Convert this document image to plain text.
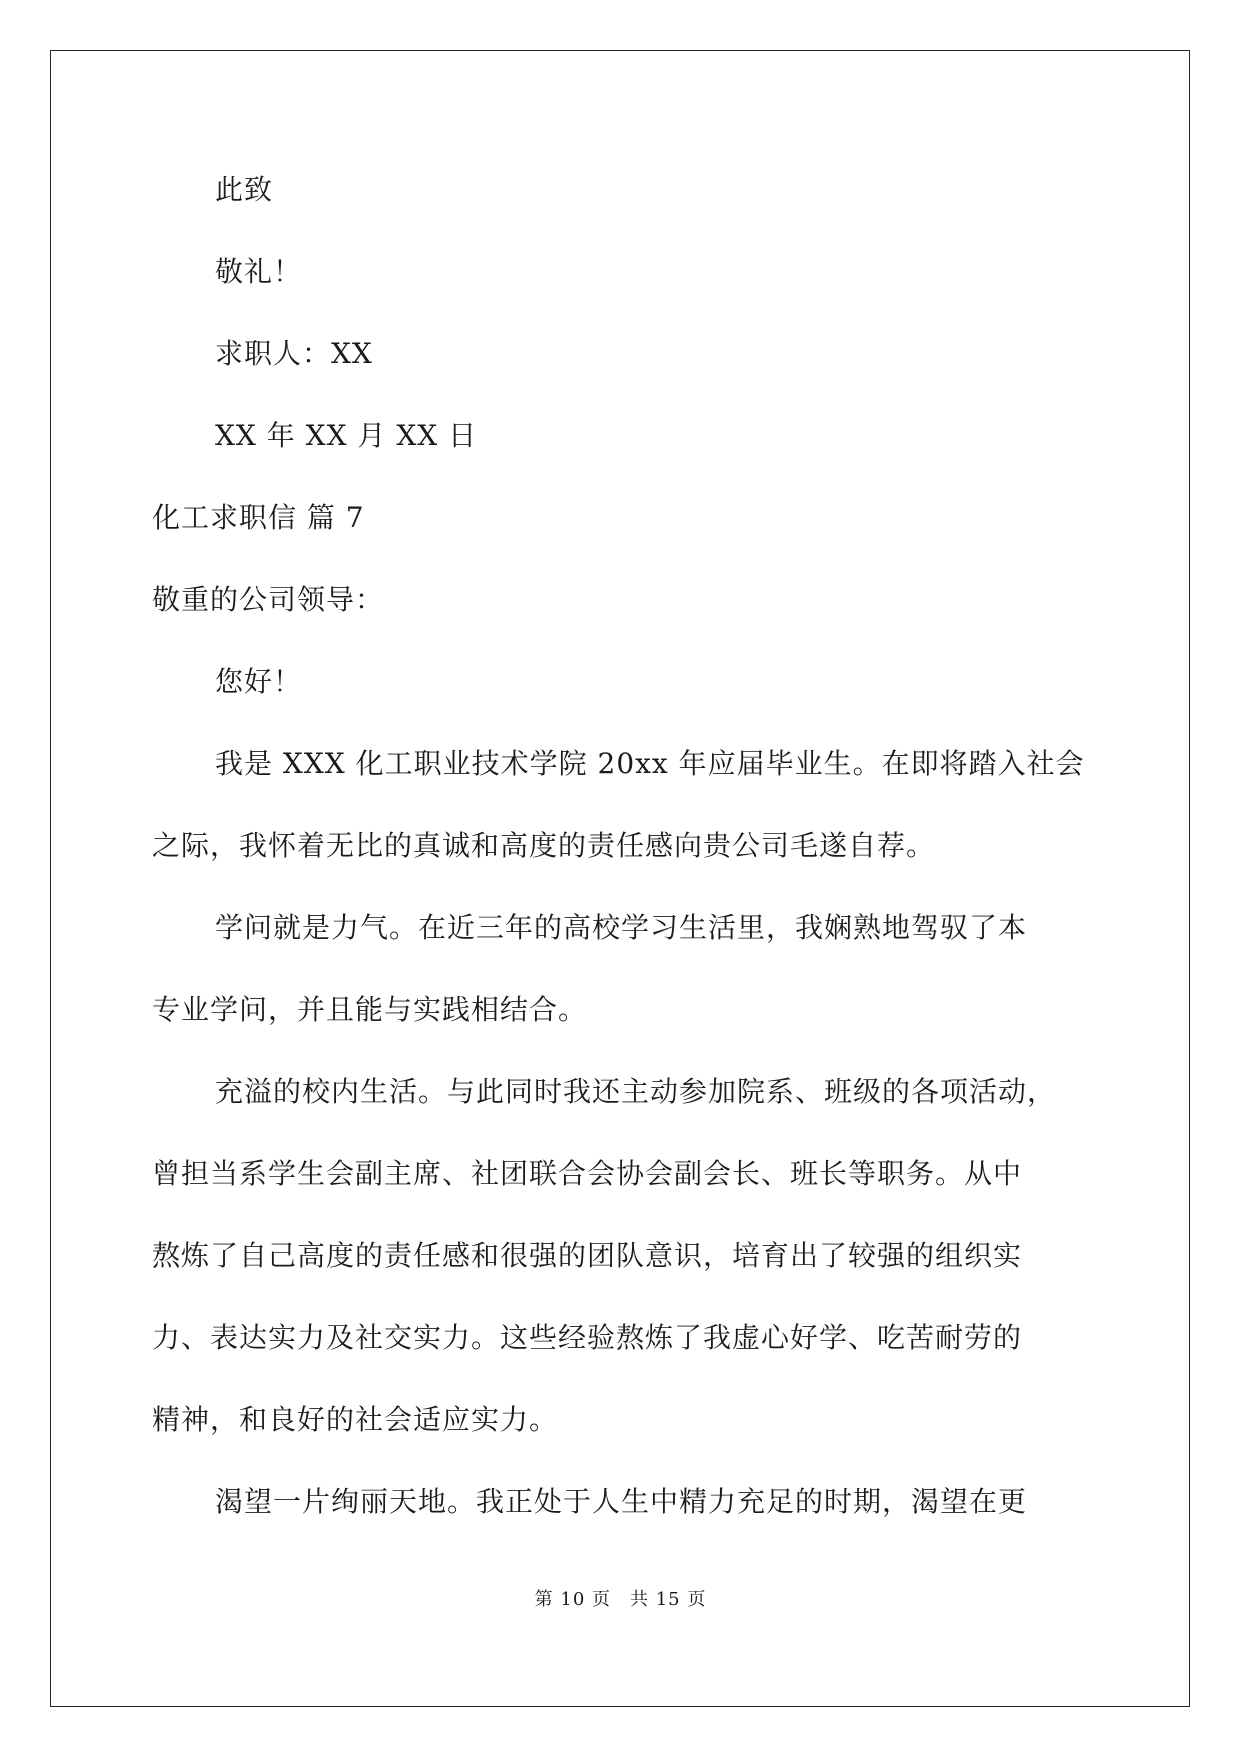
此致
敬礼！
求职人：XX
XX 年 XX 月 XX 日
化工求职信 篇 7
敬重的公司领导：
您好！
我是 XXX 化工职业技术学院 20xx 年应届毕业生。在即将踏入社会
之际，我怀着无比的真诚和高度的责任感向贵公司毛遂自荐。
学问就是力气。在近三年的高校学习生活里，我娴熟地驾驭了本
专业学问，并且能与实践相结合。
充溢的校内生活。与此同时我还主动参加院系、班级的各项活动，
曾担当系学生会副主席、社团联合会协会副会长、班长等职务。从中
熬炼了自己高度的责任感和很强的团队意识，培育出了较强的组织实
力、表达实力及社交实力。这些经验熬炼了我虚心好学、吃苦耐劳的
精神，和良好的社会适应实力。
渴望一片绚丽天地。我正处于人生中精力充足的时期，渴望在更
第 10 页　共 15 页
